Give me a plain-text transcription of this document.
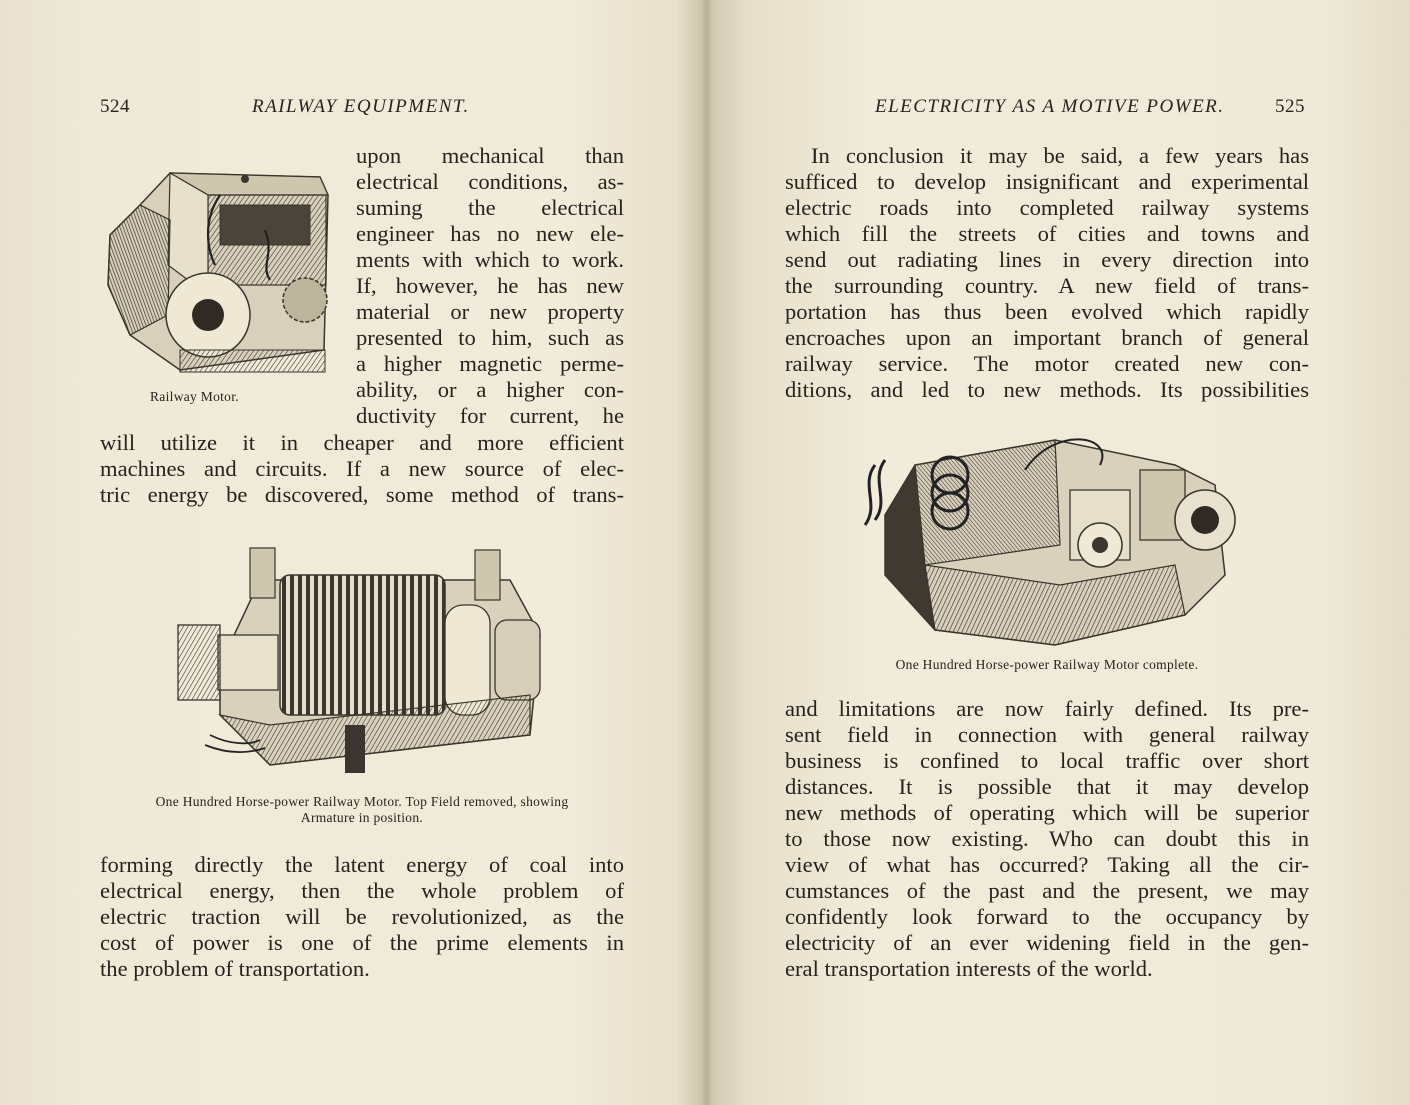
524	RAILWAY EQUIPMENT.
Railway Motor.

upon mechanical than
electrical conditions, as-
suming the electrical
engineer has no new ele-
ments with which to work.
If, however, he has new
material or new property
presented to him, such as
a higher magnetic perme-
ability, or a higher con-
ductivity for current, he

will utilize it in cheaper and more efficient
machines and circuits. If a new source of elec-
tric energy be discovered, some method of trans-

One Hundred Horse-power Railway Motor. Top Field removed, showing
Armature in position.

forming directly the latent energy of coal into
electrical energy, then the whole problem of
electric traction will be revolutionized, as the
cost of power is one of the prime elements in
the problem of transportation.

ELECTRICITY AS A MOTIVE POWER.	525

In conclusion it may be said, a few years has
sufficed to develop insignificant and experimental
electric roads into completed railway systems
which fill the streets of cities and towns and
send out radiating lines in every direction into
the surrounding country. A new field of trans-
portation has thus been evolved which rapidly
encroaches upon an important branch of general
railway service. The motor created new con-
ditions, and led to new methods. Its possibilities

One Hundred Horse-power Railway Motor complete.

and limitations are now fairly defined. Its pre-
sent field in connection with general railway
business is confined to local traffic over short
distances. It is possible that it may develop
new methods of operating which will be superior
to those now existing. Who can doubt this in
view of what has occurred? Taking all the cir-
cumstances of the past and the present, we may
confidently look forward to the occupancy by
electricity of an ever widening field in the gen-
eral transportation interests of the world.
